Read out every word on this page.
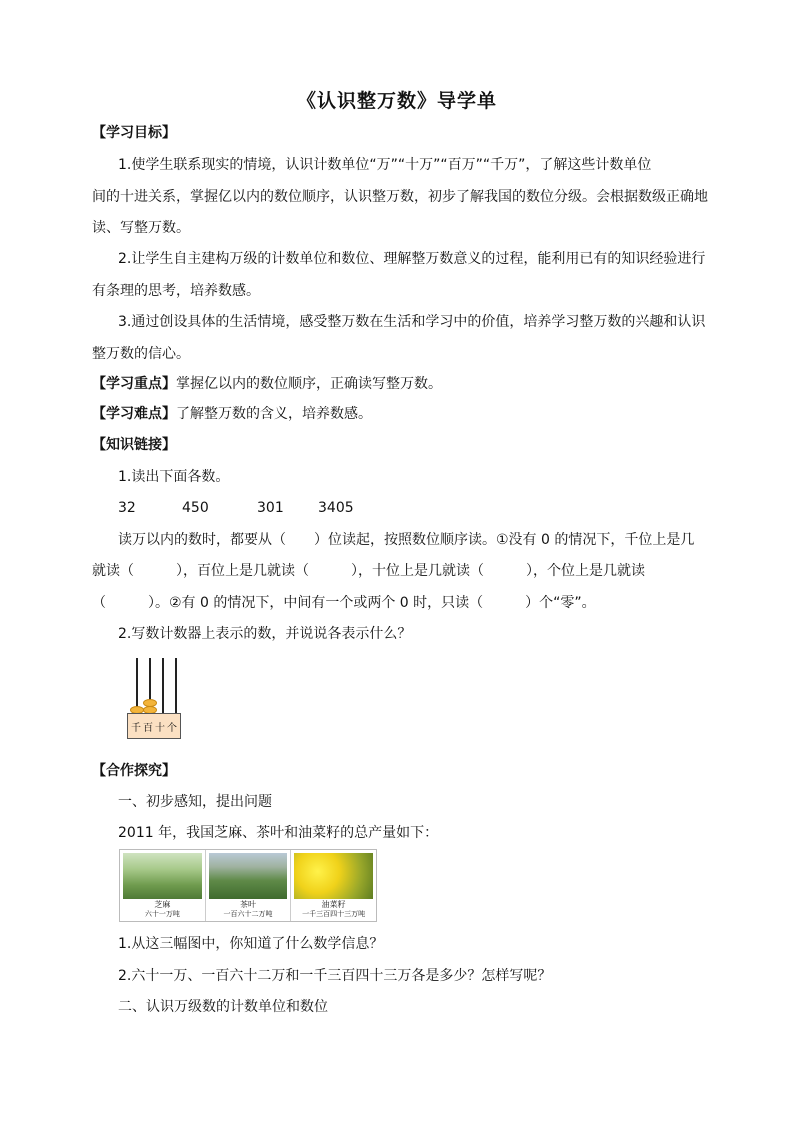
《认识整万数》导学单
【学习目标】
1.使学生联系现实的情境，认识计数单位“万”“十万”“百万”“千万”，了解这些计数单位
间的十进关系，掌握亿以内的数位顺序，认识整万数，初步了解我国的数位分级。会根据数级正确地
读、写整万数。
2.让学生自主建构万级的计数单位和数位、理解整万数意义的过程，能利用已有的知识经验进行
有条理的思考，培养数感。
3.通过创设具体的生活情境，感受整万数在生活和学习中的价值，培养学习整万数的兴趣和认识
整万数的信心。
【学习重点】掌握亿以内的数位顺序，正确读写整万数。
【学习难点】了解整万数的含义，培养数感。
【知识链接】
1.读出下面各数。
32	450	301 3405
读万以内的数时，都要从（　　）位读起，按照数位顺序读。①没有 0 的情况下，千位上是几
就读（　　　），百位上是几就读（　　　），十位上是几就读（　　　），个位上是几就读
（　　　）。②有 0 的情况下，中间有一个或两个 0 时，只读（　　　）个“零”。
2.写数计数器上表示的数，并说说各表示什么？
千 百 十 个
【合作探究】
一、初步感知，提出问题
2011 年，我国芝麻、茶叶和油菜籽的总产量如下：
芝麻
六十一万吨
茶叶
一百六十二万吨
油菜籽
一千三百四十三万吨
1.从这三幅图中，你知道了什么数学信息？
2.六十一万、一百六十二万和一千三百四十三万各是多少？怎样写呢？
二、认识万级数的计数单位和数位
